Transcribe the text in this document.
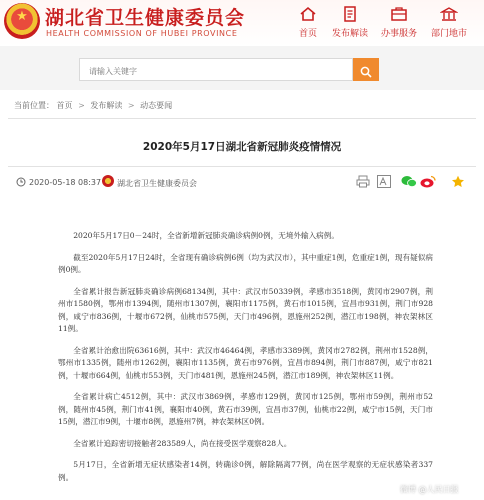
★ 湖北省卫生健康委员会
HEALTH COMMISSION OF HUBEI PROVINCE	首页	发布解读	办事服务	部门地市
请输入关键字
当前位置： 首页 > 发布解读 > 动态要闻
2020年5月17日湖北省新冠肺炎疫情情况
2020-05-18 08:37 湖北省卫生健康委员会

2020年5月17日0－24时，全省新增新冠肺炎确诊病例0例，无境外输入病例。

截至2020年5月17日24时，全省现有确诊病例6例（均为武汉市），其中重症1例，危重症1例，现有疑似病例0例。

全省累计报告新冠肺炎确诊病例68134例，其中：武汉市50339例，孝感市3518例，黄冈市2907例，荆州市1580例，鄂州市1394例，随州市1307例，襄阳市1175例，黄石市1015例，宜昌市931例，荆门市928例，咸宁市836例，十堰市672例，仙桃市575例，天门市496例，恩施州252例，潜江市198例，神农架林区11例。

全省累计治愈出院63616例，其中：武汉市46464例，孝感市3389例，黄冈市2782例，荆州市1528例，鄂州市1335例，随州市1262例，襄阳市1135例，黄石市976例，宜昌市894例，荆门市887例，咸宁市821例，十堰市664例，仙桃市553例，天门市481例，恩施州245例，潜江市189例，神农架林区11例。

全省累计病亡4512例，其中：武汉市3869例，孝感市129例，黄冈市125例，鄂州市59例，荆州市52例，随州市45例，荆门市41例，襄阳市40例，黄石市39例，宜昌市37例，仙桃市22例，咸宁市15例，天门市15例，潜江市9例，十堰市8例，恩施州7例，神农架林区0例。

全省累计追踪密切接触者283589人，尚在接受医学观察828人。

5月17日，全省新增无症状感染者14例，转确诊0例，解除隔离77例，尚在医学观察的无症状感染者337例。

微博 @人民日报
